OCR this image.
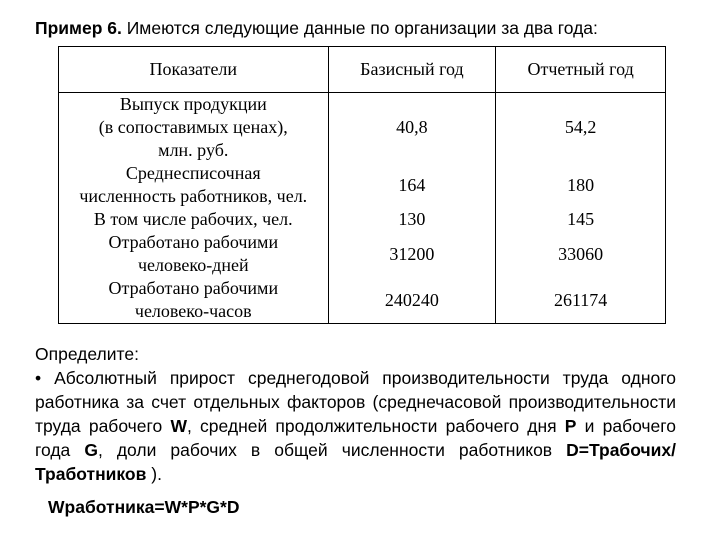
Пример 6. Имеются следующие данные по организации за два года:
Показатели	Базисный год	Отчетный год
Выпуск продукции
(в сопоставимых ценах),
млн. руб.	40,8	54,2
Среднесписочная
численность работников, чел.	164	180
В том числе рабочих, чел.	130	145
Отработано рабочими
человеко-дней	31200	33060
Отработано рабочими
человеко-часов	240240	261174
Определите:
• Абсолютный прирост среднегодовой производительности труда одного работника за счет отдельных факторов (среднечасовой производительности труда рабочего W, средней продолжительности рабочего дня P и рабочего года G, доли рабочих в общей численности работников D=Трабочих/Тработников ).
Wработника=W*P*G*D
